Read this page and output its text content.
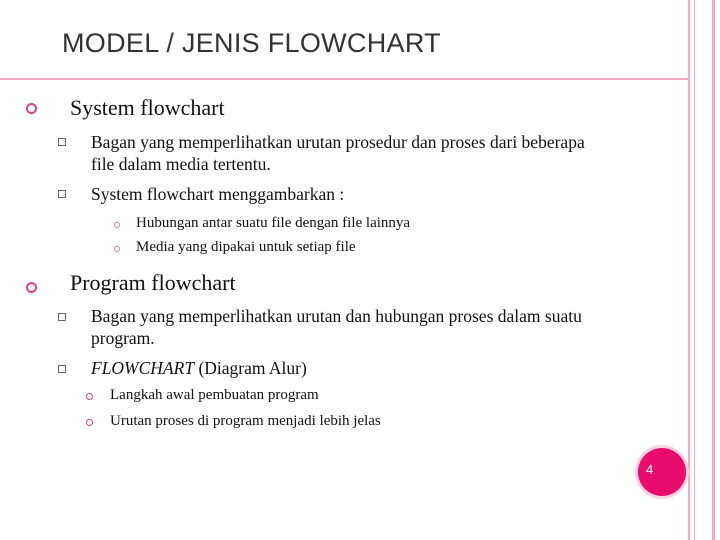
MODEL / JENIS FLOWCHART
System flowchart
Bagan yang memperlihatkan urutan prosedur dan proses dari beberapa
file dalam media tertentu.
System flowchart menggambarkan :
Hubungan antar suatu file dengan file lainnya
Media yang dipakai untuk setiap file
Program flowchart
Bagan yang memperlihatkan urutan dan hubungan proses dalam suatu
program.
FLOWCHART (Diagram Alur)
Langkah awal pembuatan program
Urutan proses di program menjadi lebih jelas
4
